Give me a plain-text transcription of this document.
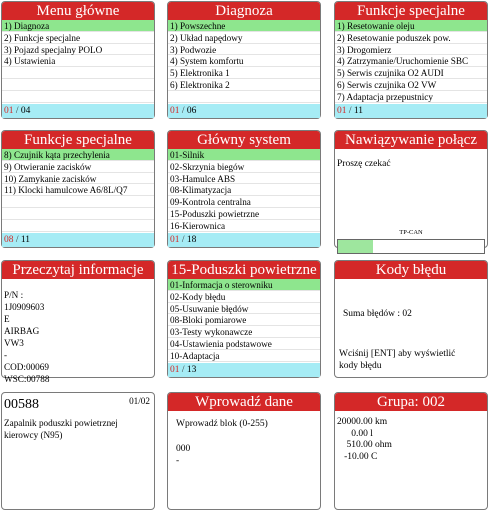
Menu główne
1) Diagnoza
2) Funkcje specjalne
3) Pojazd specjalny POLO
4) Ustawienia
01 / 04
Diagnoza
1) Powszechne
2) Układ napędowy
3) Podwozie
4) System komfortu
5) Elektronika 1
6) Elektronika 2
01 / 06
Funkcje specjalne
1) Resetowanie oleju
2) Resetowanie poduszek pow.
3) Drogomierz
4) Zatrzymanie/Uruchomienie SBC
5) Serwis czujnika O2 AUDI
6) Serwis czujnika O2 VW
7) Adaptacja przepustnicy
01 / 11
Funkcje specjalne
8) Czujnik kąta przechylenia
9) Otwieranie zacisków
10) Zamykanie zacisków
11) Klocki hamulcowe A6/8L/Q7
08 / 11
Główny system
01-Silnik
02-Skrzynia biegów
03-Hamulce ABS
08-Klimatyzacja
09-Kontrola centralna
15-Poduszki powietrzne
16-Kierownica
01 / 18
Nawiązywanie połącz
Proszę czekać
TP-CAN
Przeczytaj informacje
P/N :
1J0909603
E
AIRBAG
VW3
-
COD:00069
WSC:00788
15-Poduszki powietrzne
01-Informacja o sterowniku
02-Kody błędu
05-Usuwanie błędów
08-Bloki pomiarowe
03-Testy wykonawcze
04-Ustawienia podstawowe
10-Adaptacja
01 / 13
Kody błędu
Suma błędów : 02
Wciśnij [ENT] aby wyświetlić
kody błędu
00588	01/02
Zapalnik poduszki powietrznej
kierowcy (N95)
Wprowadź dane
Wprowadź blok (0-255)
000
-
Grupa: 002
20000.00 km
0.00 l
510.00 ohm
-10.00 C
